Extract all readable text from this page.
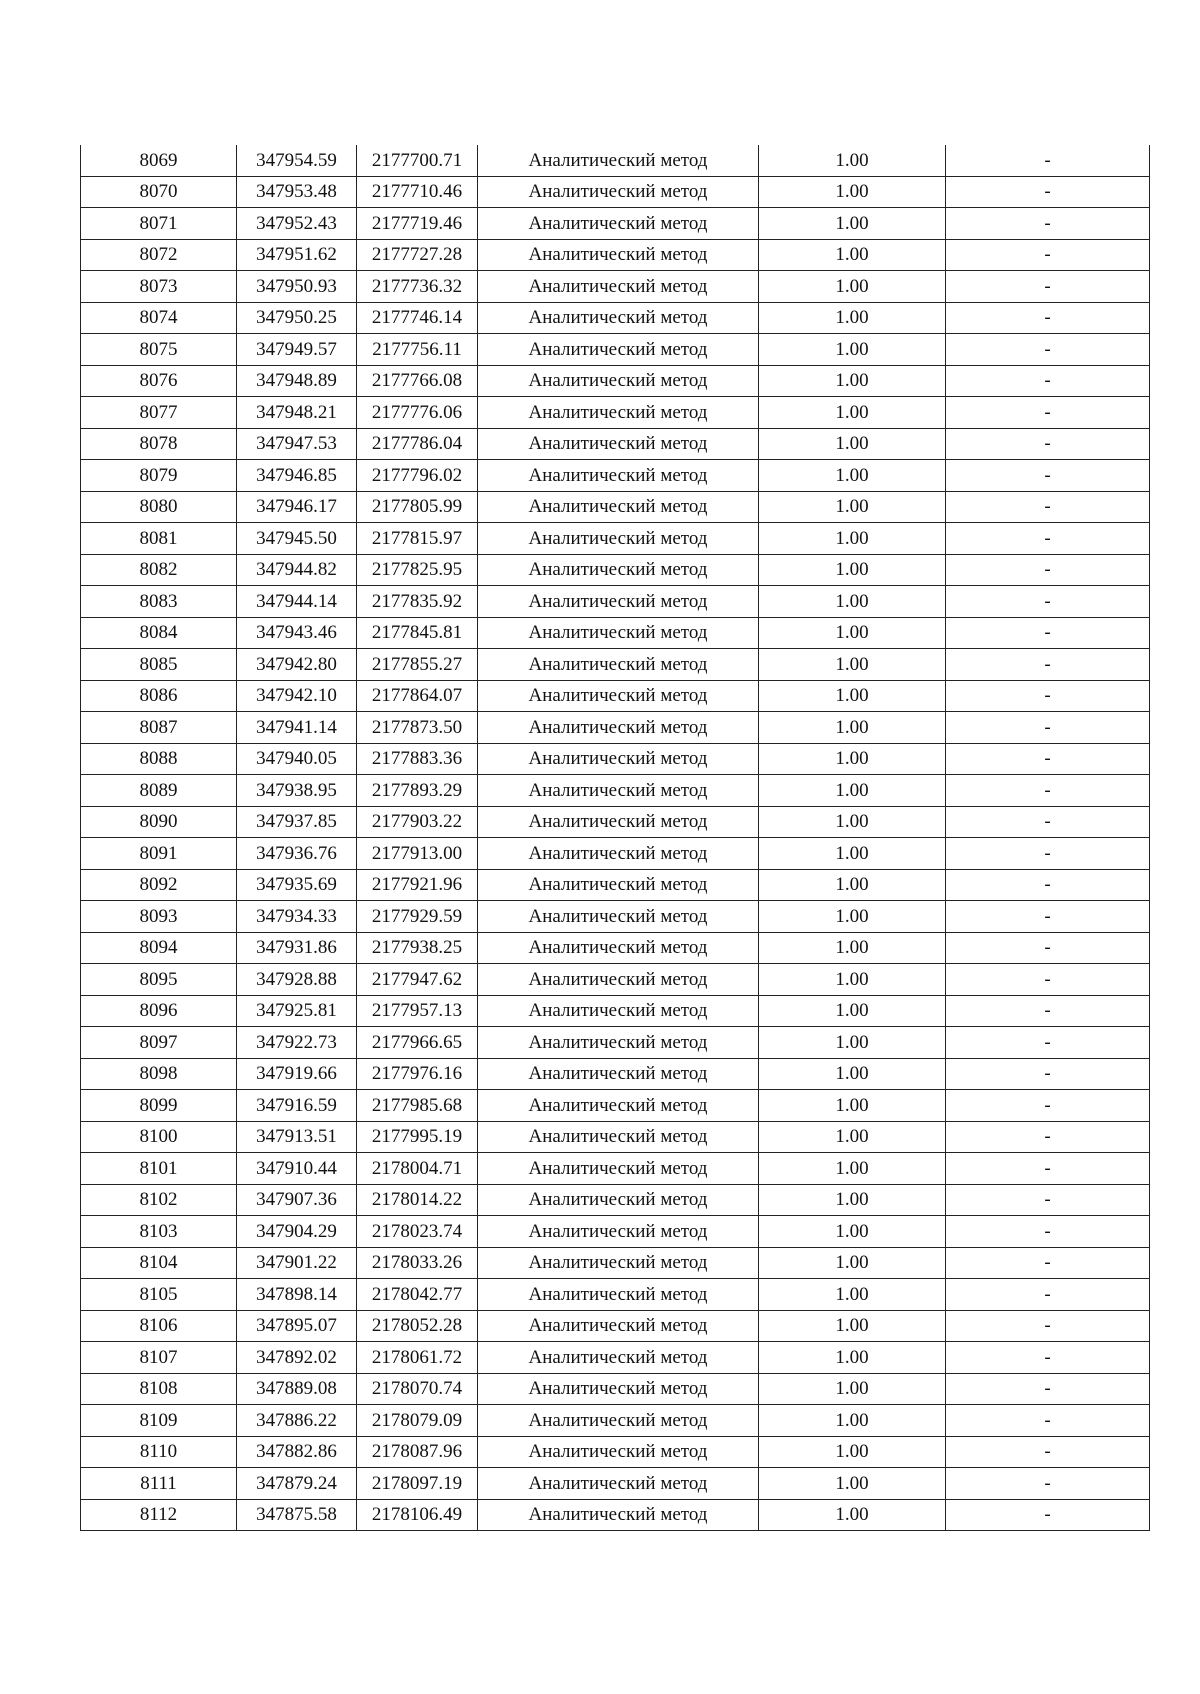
8069	347954.59	2177700.71	Аналитический метод	1.00	-
8070	347953.48	2177710.46	Аналитический метод	1.00	-
8071	347952.43	2177719.46	Аналитический метод	1.00	-
8072	347951.62	2177727.28	Аналитический метод	1.00	-
8073	347950.93	2177736.32	Аналитический метод	1.00	-
8074	347950.25	2177746.14	Аналитический метод	1.00	-
8075	347949.57	2177756.11	Аналитический метод	1.00	-
8076	347948.89	2177766.08	Аналитический метод	1.00	-
8077	347948.21	2177776.06	Аналитический метод	1.00	-
8078	347947.53	2177786.04	Аналитический метод	1.00	-
8079	347946.85	2177796.02	Аналитический метод	1.00	-
8080	347946.17	2177805.99	Аналитический метод	1.00	-
8081	347945.50	2177815.97	Аналитический метод	1.00	-
8082	347944.82	2177825.95	Аналитический метод	1.00	-
8083	347944.14	2177835.92	Аналитический метод	1.00	-
8084	347943.46	2177845.81	Аналитический метод	1.00	-
8085	347942.80	2177855.27	Аналитический метод	1.00	-
8086	347942.10	2177864.07	Аналитический метод	1.00	-
8087	347941.14	2177873.50	Аналитический метод	1.00	-
8088	347940.05	2177883.36	Аналитический метод	1.00	-
8089	347938.95	2177893.29	Аналитический метод	1.00	-
8090	347937.85	2177903.22	Аналитический метод	1.00	-
8091	347936.76	2177913.00	Аналитический метод	1.00	-
8092	347935.69	2177921.96	Аналитический метод	1.00	-
8093	347934.33	2177929.59	Аналитический метод	1.00	-
8094	347931.86	2177938.25	Аналитический метод	1.00	-
8095	347928.88	2177947.62	Аналитический метод	1.00	-
8096	347925.81	2177957.13	Аналитический метод	1.00	-
8097	347922.73	2177966.65	Аналитический метод	1.00	-
8098	347919.66	2177976.16	Аналитический метод	1.00	-
8099	347916.59	2177985.68	Аналитический метод	1.00	-
8100	347913.51	2177995.19	Аналитический метод	1.00	-
8101	347910.44	2178004.71	Аналитический метод	1.00	-
8102	347907.36	2178014.22	Аналитический метод	1.00	-
8103	347904.29	2178023.74	Аналитический метод	1.00	-
8104	347901.22	2178033.26	Аналитический метод	1.00	-
8105	347898.14	2178042.77	Аналитический метод	1.00	-
8106	347895.07	2178052.28	Аналитический метод	1.00	-
8107	347892.02	2178061.72	Аналитический метод	1.00	-
8108	347889.08	2178070.74	Аналитический метод	1.00	-
8109	347886.22	2178079.09	Аналитический метод	1.00	-
8110	347882.86	2178087.96	Аналитический метод	1.00	-
8111	347879.24	2178097.19	Аналитический метод	1.00	-
8112	347875.58	2178106.49	Аналитический метод	1.00	-
